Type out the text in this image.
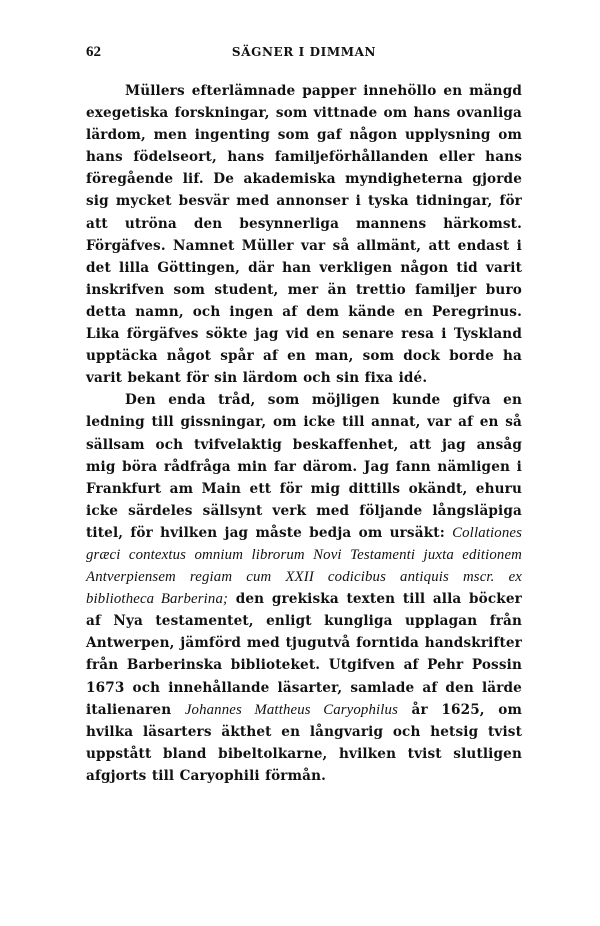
62	SÄGNER I DIMMAN

Müllers efterlämnade papper innehöllo en mängd exegetiska forskningar, som vittnade om hans ovanliga lärdom, men ingenting som gaf någon upplysning om hans födelseort, hans familjeförhållanden eller hans föregående lif. De akademiska myndigheterna gjorde sig mycket besvär med annonser i tyska tidningar, för att utröna den besynnerliga mannens härkomst. Förgäfves. Namnet Müller var så allmänt, att endast i det lilla Göttingen, där han verkligen någon tid varit inskrifven som student, mer än trettio familjer buro detta namn, och ingen af dem kände en Peregrinus. Lika förgäfves sökte jag vid en senare resa i Tyskland upptäcka något spår af en man, som dock borde ha varit bekant för sin lärdom och sin fixa idé.

Den enda tråd, som möjligen kunde gifva en ledning till gissningar, om icke till annat, var af en så sällsam och tvifvelaktig beskaffenhet, att jag ansåg mig böra rådfråga min far därom. Jag fann nämligen i Frankfurt am Main ett för mig dittills okändt, ehuru icke särdeles sällsynt verk med följande långsläpiga titel, för hvilken jag måste bedja om ursäkt: Collationes græci contextus omnium librorum Novi Testamenti juxta editionem Antverpiensem regiam cum XXII codicibus antiquis mscr. ex bibliotheca Barberina; den grekiska texten till alla böcker af Nya testamentet, enligt kungliga upplagan från Antwerpen, jämförd med tjugutvå forntida handskrifter från Barberinska biblioteket. Utgifven af Pehr Possin 1673 och innehållande läsarter, samlade af den lärde italienaren Johannes Mattheus Caryophilus år 1625, om hvilka läsarters äkthet en långvarig och hetsig tvist uppstått bland bibeltolkarne, hvilken tvist slutligen afgjorts till Caryophili förmån.
